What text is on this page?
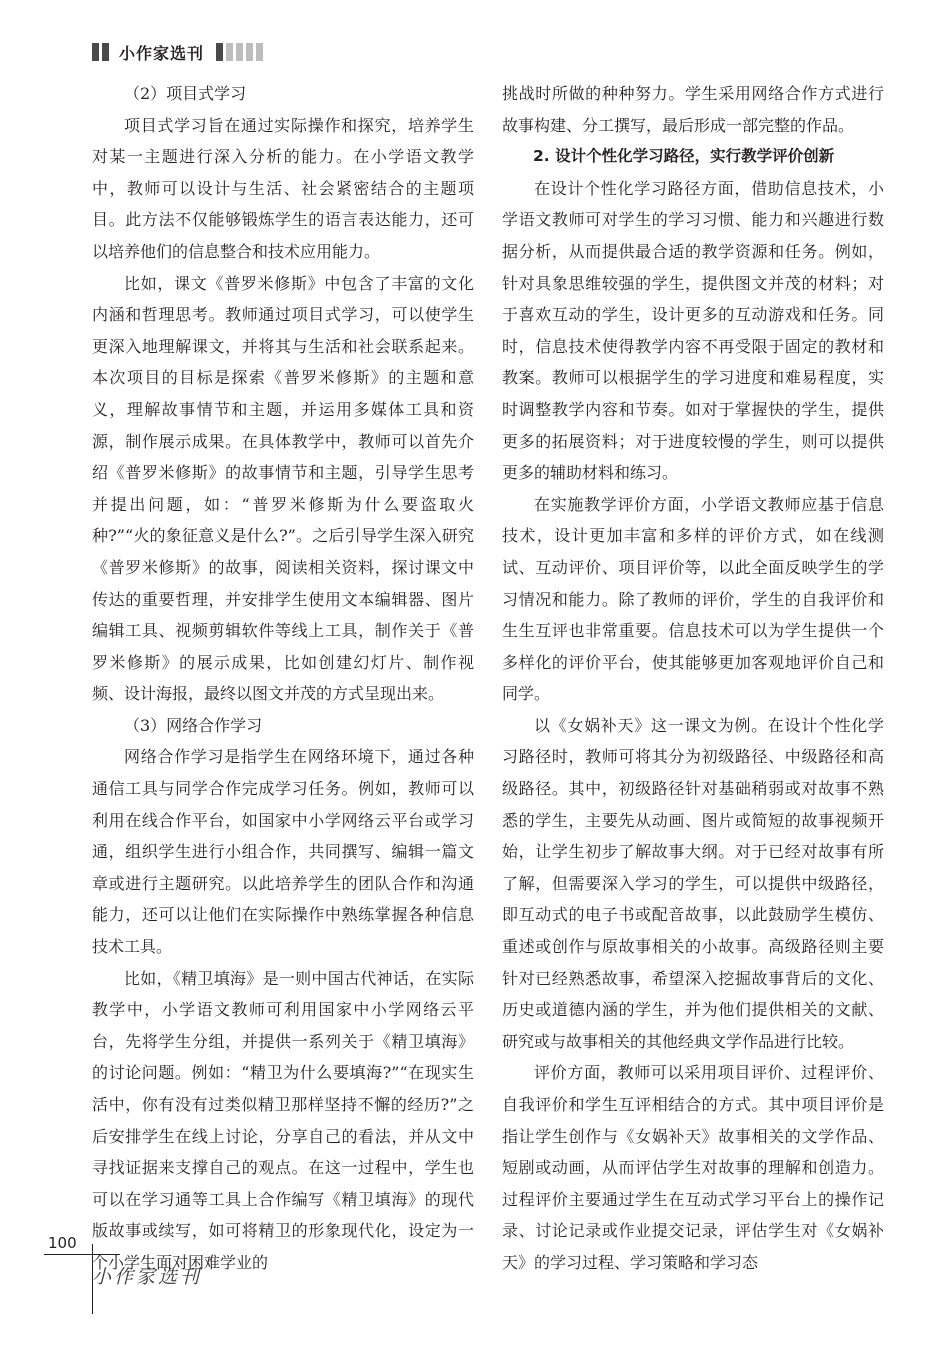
小作家选刊

（2）项目式学习

项目式学习旨在通过实际操作和探究，培养学生对某一主题进行深入分析的能力。在小学语文教学中，教师可以设计与生活、社会紧密结合的主题项目。此方法不仅能够锻炼学生的语言表达能力，还可以培养他们的信息整合和技术应用能力。

比如，课文《普罗米修斯》中包含了丰富的文化内涵和哲理思考。教师通过项目式学习，可以使学生更深入地理解课文，并将其与生活和社会联系起来。本次项目的目标是探索《普罗米修斯》的主题和意义，理解故事情节和主题，并运用多媒体工具和资源，制作展示成果。在具体教学中，教师可以首先介绍《普罗米修斯》的故事情节和主题，引导学生思考并提出问题，如：“普罗米修斯为什么要盗取火种?”“火的象征意义是什么?”。之后引导学生深入研究《普罗米修斯》的故事，阅读相关资料，探讨课文中传达的重要哲理，并安排学生使用文本编辑器、图片编辑工具、视频剪辑软件等线上工具，制作关于《普罗米修斯》的展示成果，比如创建幻灯片、制作视频、设计海报，最终以图文并茂的方式呈现出来。

（3）网络合作学习

网络合作学习是指学生在网络环境下，通过各种通信工具与同学合作完成学习任务。例如，教师可以利用在线合作平台，如国家中小学网络云平台或学习通，组织学生进行小组合作，共同撰写、编辑一篇文章或进行主题研究。以此培养学生的团队合作和沟通能力，还可以让他们在实际操作中熟练掌握各种信息技术工具。

比如，《精卫填海》是一则中国古代神话，在实际教学中，小学语文教师可利用国家中小学网络云平台，先将学生分组，并提供一系列关于《精卫填海》的讨论问题。例如：“精卫为什么要填海?”“在现实生活中，你有没有过类似精卫那样坚持不懈的经历?”之后安排学生在线上讨论，分享自己的看法，并从文中寻找证据来支撑自己的观点。在这一过程中，学生也可以在学习通等工具上合作编写《精卫填海》的现代版故事或续写，如可将精卫的形象现代化，设定为一个小学生面对困难学业的

挑战时所做的种种努力。学生采用网络合作方式进行故事构建、分工撰写，最后形成一部完整的作品。

2. 设计个性化学习路径，实行教学评价创新

在设计个性化学习路径方面，借助信息技术，小学语文教师可对学生的学习习惯、能力和兴趣进行数据分析，从而提供最合适的教学资源和任务。例如，针对具象思维较强的学生，提供图文并茂的材料；对于喜欢互动的学生，设计更多的互动游戏和任务。同时，信息技术使得教学内容不再受限于固定的教材和教案。教师可以根据学生的学习进度和难易程度，实时调整教学内容和节奏。如对于掌握快的学生，提供更多的拓展资料；对于进度较慢的学生，则可以提供更多的辅助材料和练习。

在实施教学评价方面，小学语文教师应基于信息技术，设计更加丰富和多样的评价方式，如在线测试、互动评价、项目评价等，以此全面反映学生的学习情况和能力。除了教师的评价，学生的自我评价和生生互评也非常重要。信息技术可以为学生提供一个多样化的评价平台，使其能够更加客观地评价自己和同学。

以《女娲补天》这一课文为例。在设计个性化学习路径时，教师可将其分为初级路径、中级路径和高级路径。其中，初级路径针对基础稍弱或对故事不熟悉的学生，主要先从动画、图片或简短的故事视频开始，让学生初步了解故事大纲。对于已经对故事有所了解，但需要深入学习的学生，可以提供中级路径，即互动式的电子书或配音故事，以此鼓励学生模仿、重述或创作与原故事相关的小故事。高级路径则主要针对已经熟悉故事，希望深入挖掘故事背后的文化、历史或道德内涵的学生，并为他们提供相关的文献、研究或与故事相关的其他经典文学作品进行比较。

评价方面，教师可以采用项目评价、过程评价、自我评价和学生互评相结合的方式。其中项目评价是指让学生创作与《女娲补天》故事相关的文学作品、短剧或动画，从而评估学生对故事的理解和创造力。过程评价主要通过学生在互动式学习平台上的操作记录、讨论记录或作业提交记录，评估学生对《女娲补天》的学习过程、学习策略和学习态

100
小作家选刊
